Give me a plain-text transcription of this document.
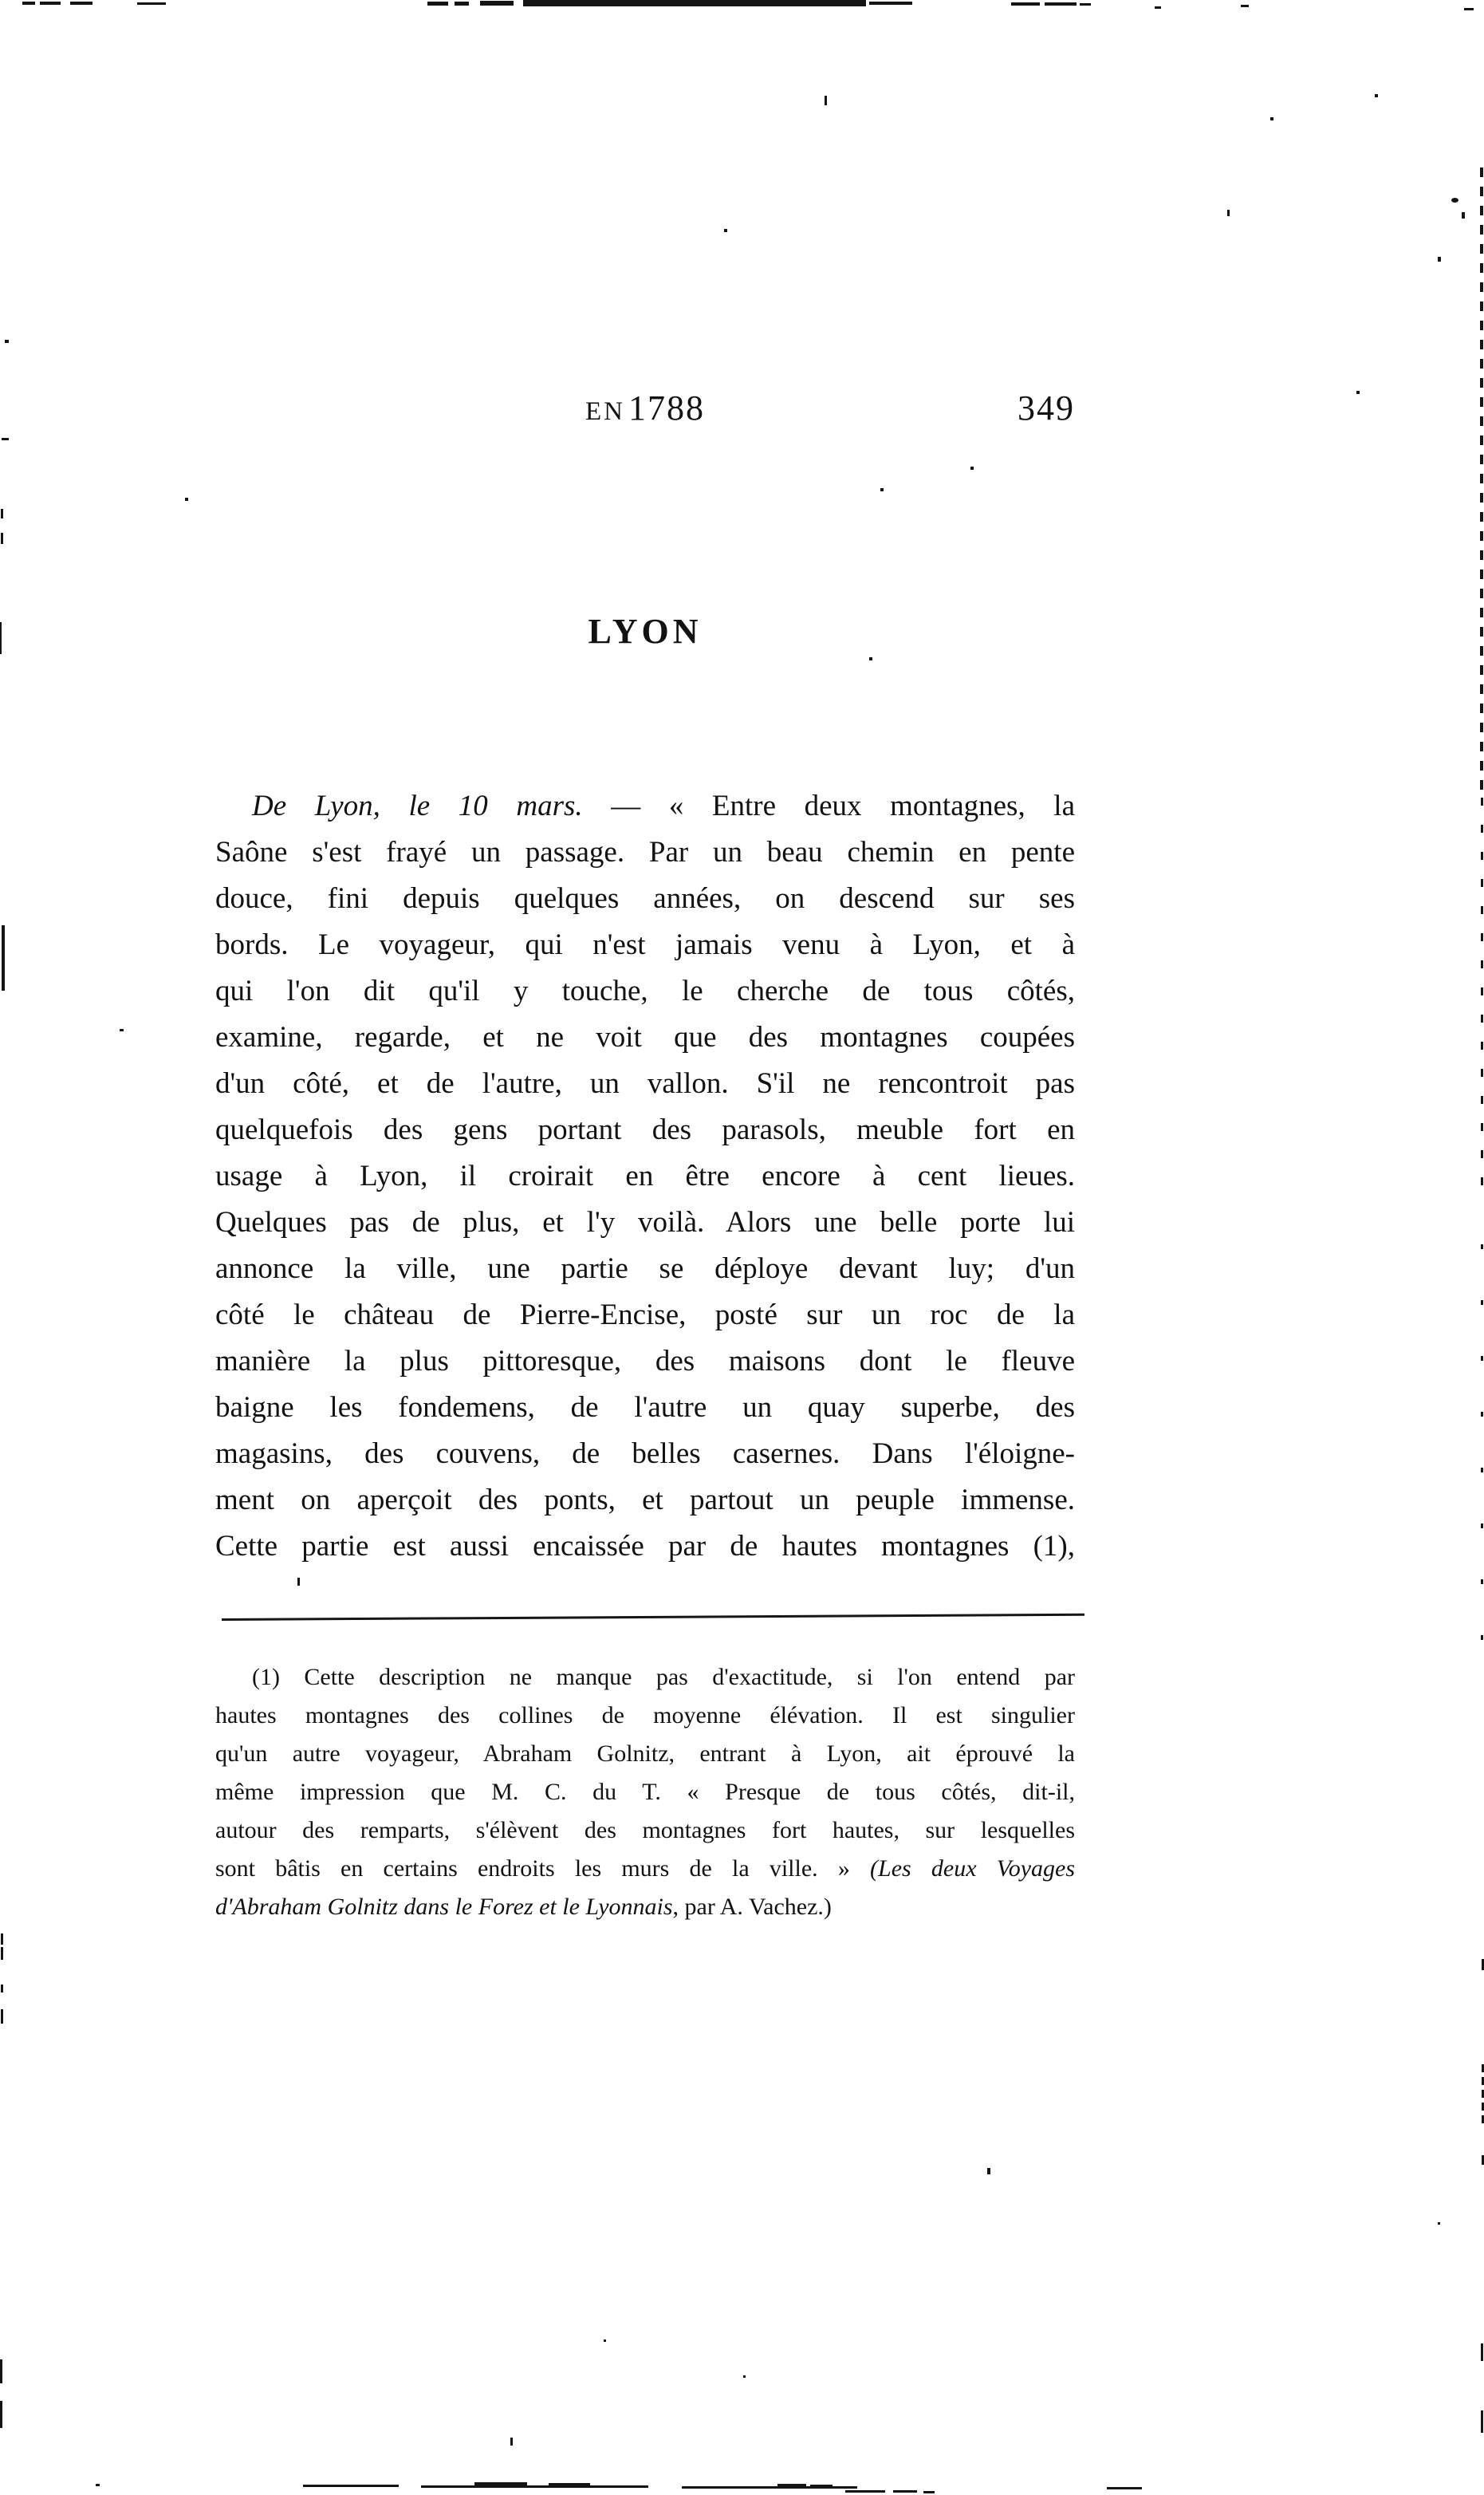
EN 1788	349
LYON
De Lyon, le 10 mars. — « Entre deux montagnes, la
Saône s'est frayé un passage. Par un beau chemin en pente
douce, fini depuis quelques années, on descend sur ses
bords. Le voyageur, qui n'est jamais venu à Lyon, et à
qui l'on dit qu'il y touche, le cherche de tous côtés,
examine, regarde, et ne voit que des montagnes coupées
d'un côté, et de l'autre, un vallon. S'il ne rencontroit pas
quelquefois des gens portant des parasols, meuble fort en
usage à Lyon, il croirait en être encore à cent lieues.
Quelques pas de plus, et l'y voilà. Alors une belle porte lui
annonce la ville, une partie se déploye devant luy; d'un
côté le château de Pierre-Encise, posté sur un roc de la
manière la plus pittoresque, des maisons dont le fleuve
baigne les fondemens, de l'autre un quay superbe, des
magasins, des couvens, de belles casernes. Dans l'éloigne-
ment on aperçoit des ponts, et partout un peuple immense.
Cette partie est aussi encaissée par de hautes montagnes (1),
(1) Cette description ne manque pas d'exactitude, si l'on entend par
hautes montagnes des collines de moyenne élévation. Il est singulier
qu'un autre voyageur, Abraham Golnitz, entrant à Lyon, ait éprouvé la
même impression que M. C. du T. « Presque de tous côtés, dit-il,
autour des remparts, s'élèvent des montagnes fort hautes, sur lesquelles
sont bâtis en certains endroits les murs de la ville. » (Les deux Voyages
d'Abraham Golnitz dans le Forez et le Lyonnais, par A. Vachez.)
